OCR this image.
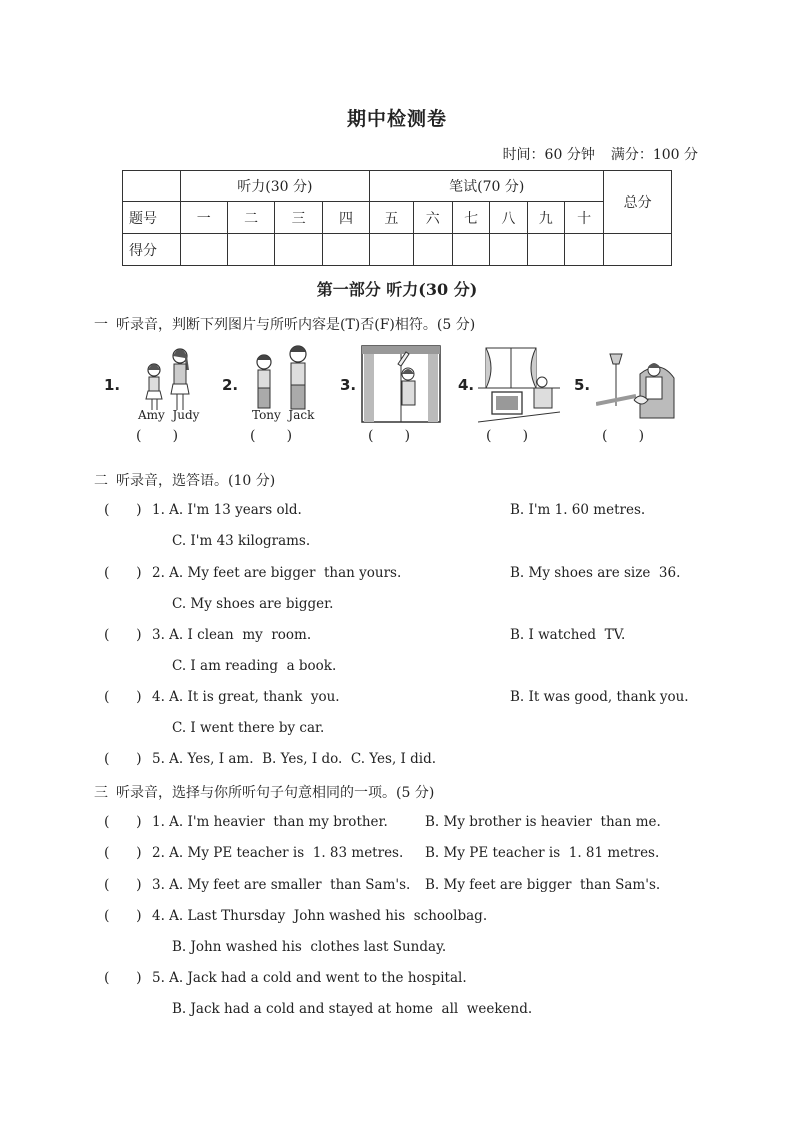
期中检测卷
时间：60 分钟 满分：100 分
	听力(30 分)				笔试(70 分)						总分
题号	一	二	三	四	五	六	七	八	九	十	
得分											
第一部分 听力(30 分)
一 听录音，判断下列图片与所听内容是(T)否(F)相符。(5 分)
1.
Amy  Judy
(       )
2.
Tony  Jack
(       )
3.
(       )
4.
(       )
5.
(       )
二 听录音，选答语。(10 分)
(      ) 1. A. I'm 13 years old.	B. I'm 1. 60 metres.
C. I'm 43 kilograms.
(      ) 2. A. My feet are bigger  than yours.	B. My shoes are size  36.
C. My shoes are bigger.
(      ) 3. A. I clean  my  room.	B. I watched  TV.
C. I am reading  a book.
(      ) 4. A. It is great, thank  you.	B. It was good, thank you.
C. I went there by car.
(      ) 5. A. Yes, I am.  B. Yes, I do.  C. Yes, I did.
三 听录音，选择与你所听句子句意相同的一项。(5 分)
(      ) 1. A. I'm heavier  than my brother.	B. My brother is heavier  than me.
(      ) 2. A. My PE teacher is  1. 83 metres. B. My PE teacher is  1. 81 metres.
(      ) 3. A. My feet are smaller  than Sam's. B. My feet are bigger  than Sam's.
(      ) 4. A. Last Thursday  John washed his  schoolbag.
B. John washed his  clothes last Sunday.
(      ) 5. A. Jack had a cold and went to the hospital.
B. Jack had a cold and stayed at home  all  weekend.
